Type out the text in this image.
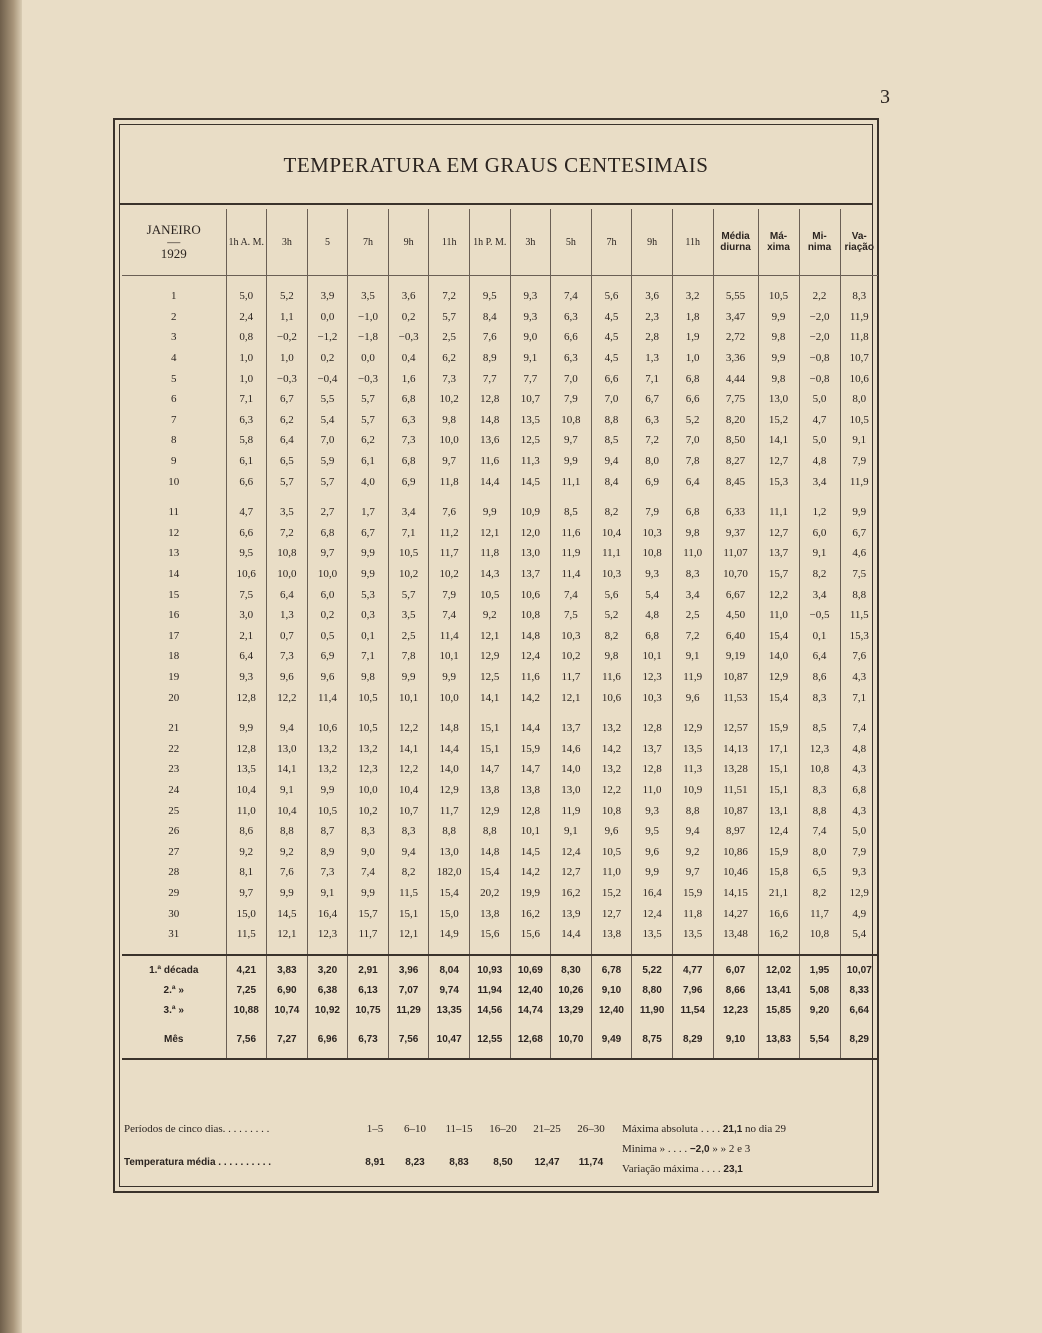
3
TEMPERATURA EM GRAUS CENTESIMAIS
JANEIRO
—
1929	1h A. M.	3h	5	7h	9h	11h	1h P. M.	3h	5h	7h	9h	11h	Média diurna	Má- xima	Mi- nima	Va- riação

1	5,0	5,2	3,9	3,5	3,6	7,2	9,5	9,3	7,4	5,6	3,6	3,2	5,55	10,5	2,2	8,3
2	2,4	1,1	0,0	−1,0	0,2	5,7	8,4	9,3	6,3	4,5	2,3	1,8	3,47	9,9	−2,0	11,9
3	0,8	−0,2	−1,2	−1,8	−0,3	2,5	7,6	9,0	6,6	4,5	2,8	1,9	2,72	9,8	−2,0	11,8
4	1,0	1,0	0,2	0,0	0,4	6,2	8,9	9,1	6,3	4,5	1,3	1,0	3,36	9,9	−0,8	10,7
5	1,0	−0,3	−0,4	−0,3	1,6	7,3	7,7	7,7	7,0	6,6	7,1	6,8	4,44	9,8	−0,8	10,6
6	7,1	6,7	5,5	5,7	6,8	10,2	12,8	10,7	7,9	7,0	6,7	6,6	7,75	13,0	5,0	8,0
7	6,3	6,2	5,4	5,7	6,3	9,8	14,8	13,5	10,8	8,8	6,3	5,2	8,20	15,2	4,7	10,5
8	5,8	6,4	7,0	6,2	7,3	10,0	13,6	12,5	9,7	8,5	7,2	7,0	8,50	14,1	5,0	9,1
9	6,1	6,5	5,9	6,1	6,8	9,7	11,6	11,3	9,9	9,4	8,0	7,8	8,27	12,7	4,8	7,9
10	6,6	5,7	5,7	4,0	6,9	11,8	14,4	14,5	11,1	8,4	6,9	6,4	8,45	15,3	3,4	11,9

11	4,7	3,5	2,7	1,7	3,4	7,6	9,9	10,9	8,5	8,2	7,9	6,8	6,33	11,1	1,2	9,9
12	6,6	7,2	6,8	6,7	7,1	11,2	12,1	12,0	11,6	10,4	10,3	9,8	9,37	12,7	6,0	6,7
13	9,5	10,8	9,7	9,9	10,5	11,7	11,8	13,0	11,9	11,1	10,8	11,0	11,07	13,7	9,1	4,6
14	10,6	10,0	10,0	9,9	10,2	10,2	14,3	13,7	11,4	10,3	9,3	8,3	10,70	15,7	8,2	7,5
15	7,5	6,4	6,0	5,3	5,7	7,9	10,5	10,6	7,4	5,6	5,4	3,4	6,67	12,2	3,4	8,8
16	3,0	1,3	0,2	0,3	3,5	7,4	9,2	10,8	7,5	5,2	4,8	2,5	4,50	11,0	−0,5	11,5
17	2,1	0,7	0,5	0,1	2,5	11,4	12,1	14,8	10,3	8,2	6,8	7,2	6,40	15,4	0,1	15,3
18	6,4	7,3	6,9	7,1	7,8	10,1	12,9	12,4	10,2	9,8	10,1	9,1	9,19	14,0	6,4	7,6
19	9,3	9,6	9,6	9,8	9,9	9,9	12,5	11,6	11,7	11,6	12,3	11,9	10,87	12,9	8,6	4,3
20	12,8	12,2	11,4	10,5	10,1	10,0	14,1	14,2	12,1	10,6	10,3	9,6	11,53	15,4	8,3	7,1

21	9,9	9,4	10,6	10,5	12,2	14,8	15,1	14,4	13,7	13,2	12,8	12,9	12,57	15,9	8,5	7,4
22	12,8	13,0	13,2	13,2	14,1	14,4	15,1	15,9	14,6	14,2	13,7	13,5	14,13	17,1	12,3	4,8
23	13,5	14,1	13,2	12,3	12,2	14,0	14,7	14,7	14,0	13,2	12,8	11,3	13,28	15,1	10,8	4,3
24	10,4	9,1	9,9	10,0	10,4	12,9	13,8	13,8	13,0	12,2	11,0	10,9	11,51	15,1	8,3	6,8
25	11,0	10,4	10,5	10,2	10,7	11,7	12,9	12,8	11,9	10,8	9,3	8,8	10,87	13,1	8,8	4,3
26	8,6	8,8	8,7	8,3	8,3	8,8	8,8	10,1	9,1	9,6	9,5	9,4	8,97	12,4	7,4	5,0
27	9,2	9,2	8,9	9,0	9,4	13,0	14,8	14,5	12,4	10,5	9,6	9,2	10,86	15,9	8,0	7,9
28	8,1	7,6	7,3	7,4	8,2	182,0	15,4	14,2	12,7	11,0	9,9	9,7	10,46	15,8	6,5	9,3
29	9,7	9,9	9,1	9,9	11,5	15,4	20,2	19,9	16,2	15,2	16,4	15,9	14,15	21,1	8,2	12,9
30	15,0	14,5	16,4	15,7	15,1	15,0	13,8	16,2	13,9	12,7	12,4	11,8	14,27	16,6	11,7	4,9
31	11,5	12,1	12,3	11,7	12,1	14,9	15,6	15,6	14,4	13,8	13,5	13,5	13,48	16,2	10,8	5,4

1.ª década	4,21	3,83	3,20	2,91	3,96	8,04	10,93	10,69	8,30	6,78	5,22	4,77	6,07	12,02	1,95	10,07
2.ª »	7,25	6,90	6,38	6,13	7,07	9,74	11,94	12,40	10,26	9,10	8,80	7,96	8,66	13,41	5,08	8,33
3.ª »	10,88	10,74	10,92	10,75	11,29	13,35	14,56	14,74	13,29	12,40	11,90	11,54	12,23	15,85	9,20	6,64
Mês	7,56	7,27	6,96	6,73	7,56	10,47	12,55	12,68	10,70	9,49	8,75	8,29	9,10	13,83	5,54	8,29
Períodos de cinco dias. . . . . . . . .	1–5	6–10	11–15	16–20	21–25	26–30
Temperatura média . . . . . . . . . .	8,91	8,23	8,83	8,50	12,47	11,74
Máxima absoluta . . . . 21,1 no dia 29
Minima » . . . . −2,0 » » 2 e 3
Variação máxima . . . . 23,1
